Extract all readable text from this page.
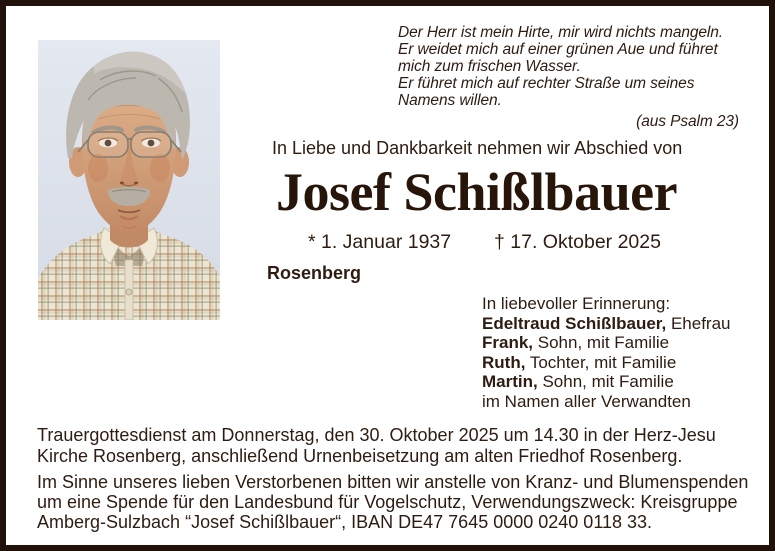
Der Herr ist mein Hirte, mir wird nichts mangeln.
Er weidet mich auf einer grünen Aue und führet
mich zum frischen Wasser.
Er führet mich auf rechter Straße um seines
Namens willen.
(aus Psalm 23)
In Liebe und Dankbarkeit nehmen wir Abschied von
Josef Schißlbauer
* 1. Januar 1937 † 17. Oktober 2025
Rosenberg
In liebevoller Erinnerung:
Edeltraud Schißlbauer, Ehefrau
Frank, Sohn, mit Familie
Ruth, Tochter, mit Familie
Martin, Sohn, mit Familie
im Namen aller Verwandten
Trauergottesdienst am Donnerstag, den 30. Oktober 2025 um 14.30 in der Herz-Jesu
Kirche Rosenberg, anschließend Urnenbeisetzung am alten Friedhof Rosenberg.
Im Sinne unseres lieben Verstorbenen bitten wir anstelle von Kranz- und Blumenspenden
um eine Spende für den Landesbund für Vogelschutz, Verwendungszweck: Kreisgruppe
Amberg-Sulzbach “Josef Schißlbauer“, IBAN DE47 7645 0000 0240 0118 33.
